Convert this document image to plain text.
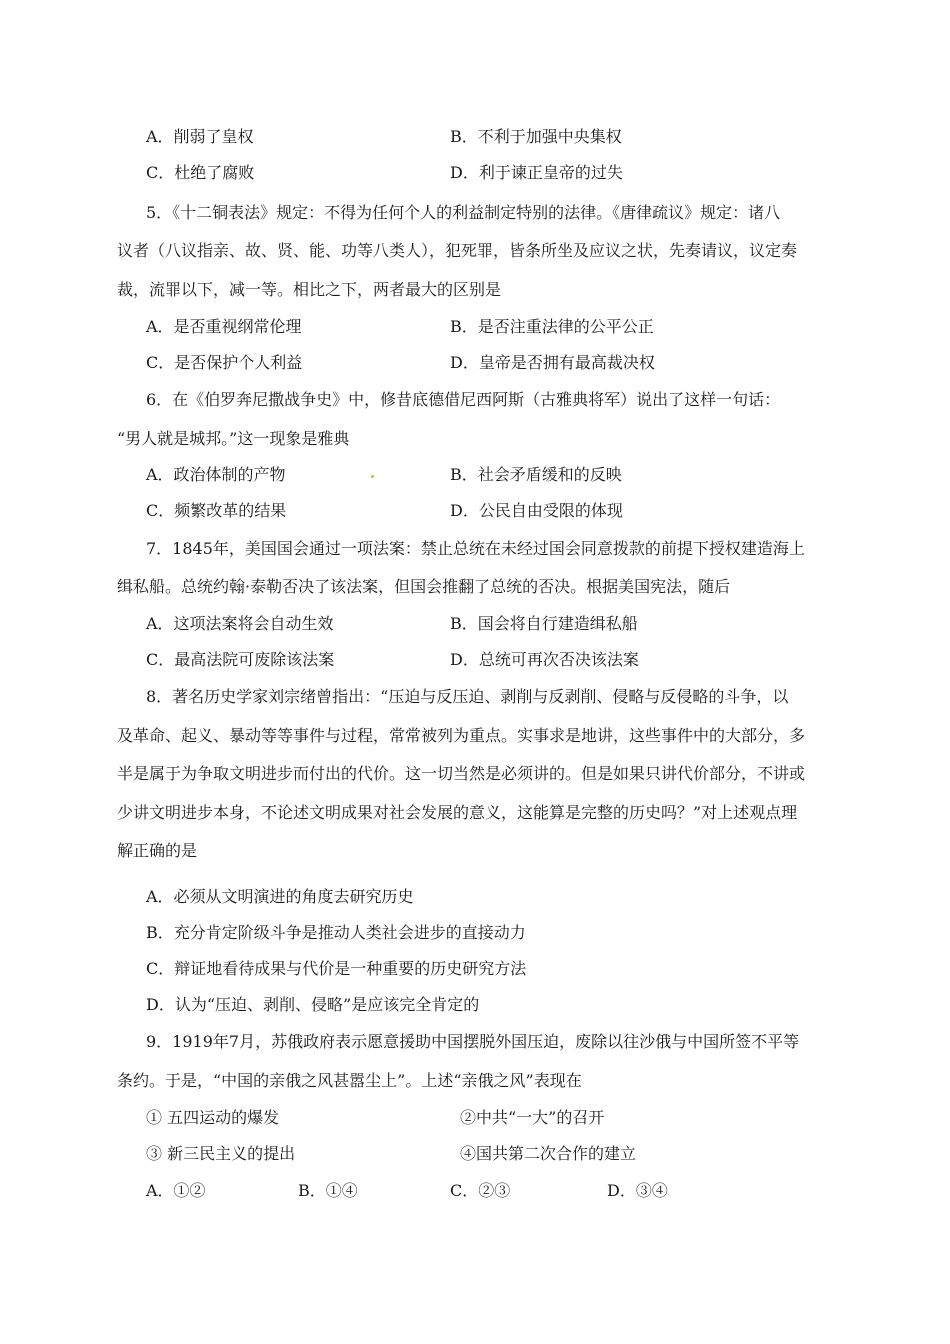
A．削弱了皇权	B．不利于加强中央集权
C．杜绝了腐败	D．利于谏正皇帝的过失
5．《十二铜表法》规定：不得为任何个人的利益制定特别的法律。《唐律疏议》规定：诸八
议者（八议指亲、故、贤、能、功等八类人），犯死罪，皆条所坐及应议之状，先奏请议，议定奏
裁，流罪以下，减一等。相比之下，两者最大的区别是
A．是否重视纲常伦理	B．是否注重法律的公平公正
C．是否保护个人利益	D．皇帝是否拥有最高裁决权
6．在《伯罗奔尼撒战争史》中，修昔底德借尼西阿斯（古雅典将军）说出了这样一句话：
“男人就是城邦。”这一现象是雅典
A．政治体制的产物	B．社会矛盾缓和的反映
C．频繁改革的结果	D．公民自由受限的体现
7．1845年，美国国会通过一项法案：禁止总统在未经过国会同意拨款的前提下授权建造海上
缉私船。总统约翰·泰勒否决了该法案，但国会推翻了总统的否决。根据美国宪法，随后
A．这项法案将会自动生效	B．国会将自行建造缉私船
C．最高法院可废除该法案	D．总统可再次否决该法案
8．著名历史学家刘宗绪曾指出：“压迫与反压迫、剥削与反剥削、侵略与反侵略的斗争，以
及革命、起义、暴动等等事件与过程，常常被列为重点。实事求是地讲，这些事件中的大部分，多
半是属于为争取文明进步而付出的代价。这一切当然是必须讲的。但是如果只讲代价部分，不讲或
少讲文明进步本身，不论述文明成果对社会发展的意义，这能算是完整的历史吗？”对上述观点理
解正确的是
A．必须从文明演进的角度去研究历史
B．充分肯定阶级斗争是推动人类社会进步的直接动力
C．辩证地看待成果与代价是一种重要的历史研究方法
D．认为“压迫、剥削、侵略”是应该完全肯定的
9．1919年7月，苏俄政府表示愿意援助中国摆脱外国压迫，废除以往沙俄与中国所签不平等
条约。于是，“中国的亲俄之风甚嚣尘上”。上述“亲俄之风”表现在
① 五四运动的爆发	②中共“一大”的召开
③ 新三民主义的提出	④国共第二次合作的建立
A．①②	B．①④	C．②③	D．③④
